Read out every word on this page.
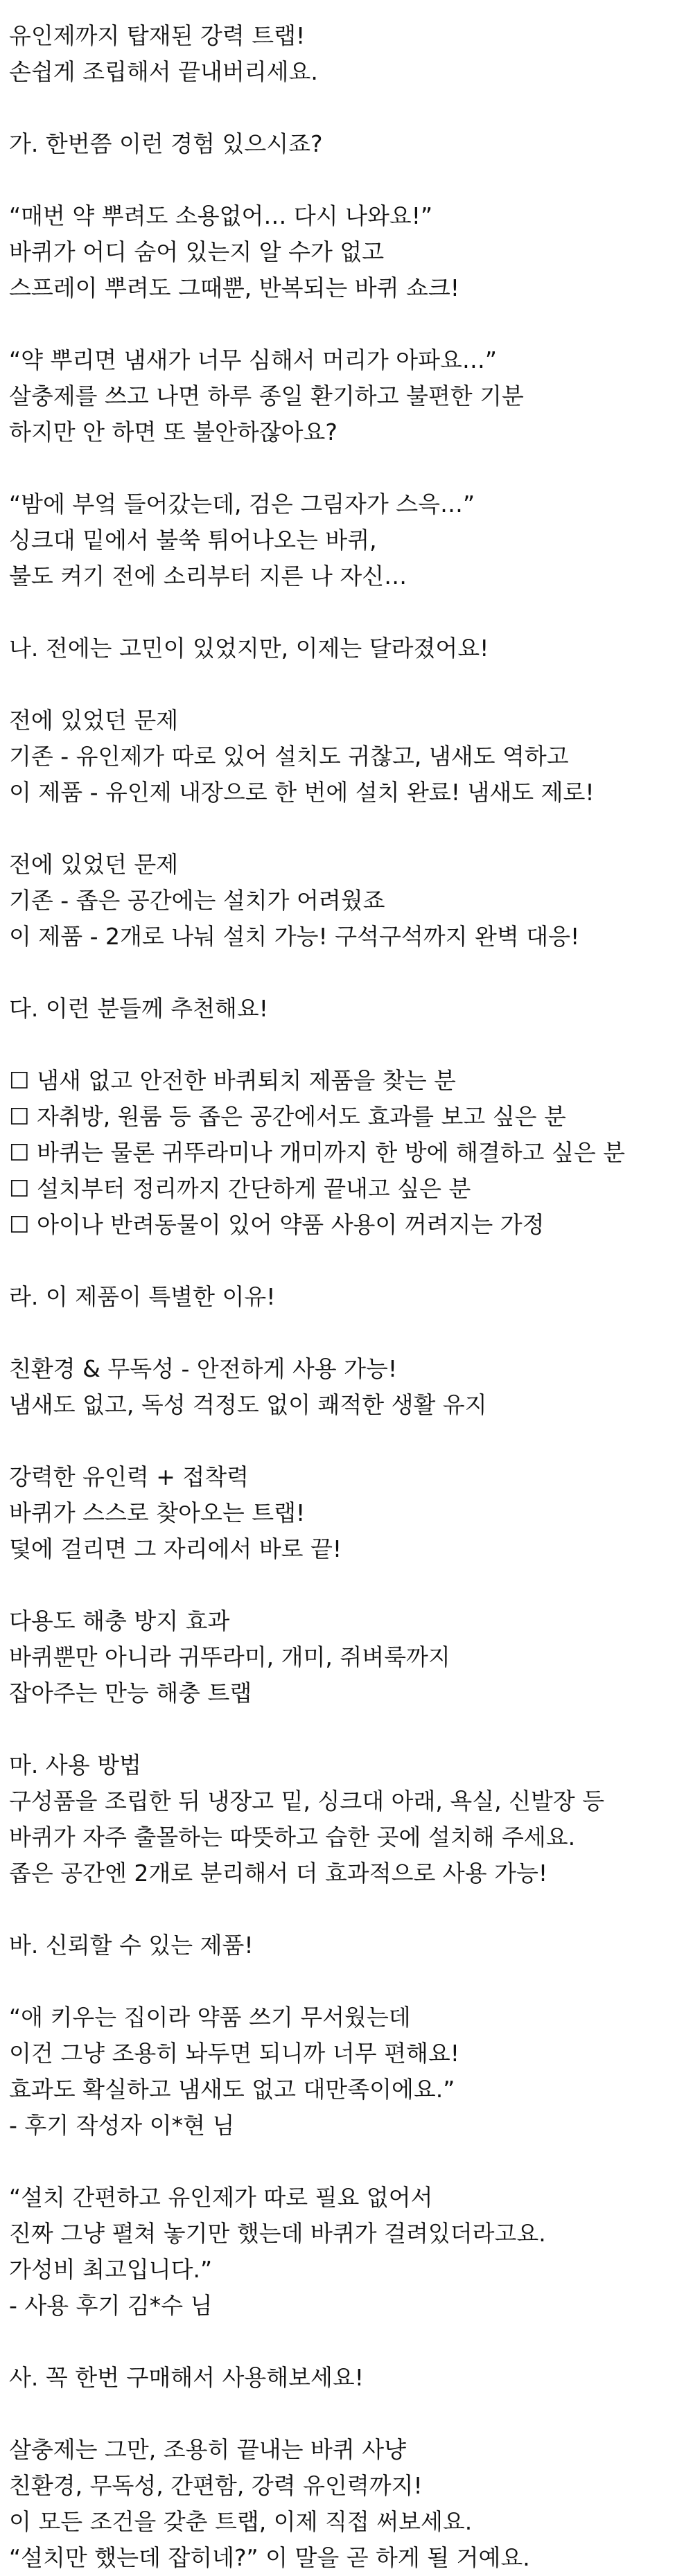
유인제까지 탑재된 강력 트랩!
손쉽게 조립해서 끝내버리세요.
가. 한번쯤 이런 경험 있으시죠?
“매번 약 뿌려도 소용없어… 다시 나와요!”
바퀴가 어디 숨어 있는지 알 수가 없고
스프레이 뿌려도 그때뿐, 반복되는 바퀴 쇼크!
“약 뿌리면 냄새가 너무 심해서 머리가 아파요…”
살충제를 쓰고 나면 하루 종일 환기하고 불편한 기분
하지만 안 하면 또 불안하잖아요?
“밤에 부엌 들어갔는데, 검은 그림자가 스윽…”
싱크대 밑에서 불쑥 튀어나오는 바퀴,
불도 켜기 전에 소리부터 지른 나 자신…
나. 전에는 고민이 있었지만, 이제는 달라졌어요!
전에 있었던 문제
기존 - 유인제가 따로 있어 설치도 귀찮고, 냄새도 역하고
이 제품 - 유인제 내장으로 한 번에 설치 완료! 냄새도 제로!
전에 있었던 문제
기존 - 좁은 공간에는 설치가 어려웠죠
이 제품 - 2개로 나눠 설치 가능! 구석구석까지 완벽 대응!
다. 이런 분들께 추천해요!
☐ 냄새 없고 안전한 바퀴퇴치 제품을 찾는 분
☐ 자취방, 원룸 등 좁은 공간에서도 효과를 보고 싶은 분
☐ 바퀴는 물론 귀뚜라미나 개미까지 한 방에 해결하고 싶은 분
☐ 설치부터 정리까지 간단하게 끝내고 싶은 분
☐ 아이나 반려동물이 있어 약품 사용이 꺼려지는 가정
라. 이 제품이 특별한 이유!
친환경 & 무독성 - 안전하게 사용 가능!
냄새도 없고, 독성 걱정도 없이 쾌적한 생활 유지
강력한 유인력 + 접착력
바퀴가 스스로 찾아오는 트랩!
덫에 걸리면 그 자리에서 바로 끝!
다용도 해충 방지 효과
바퀴뿐만 아니라 귀뚜라미, 개미, 쥐벼룩까지
잡아주는 만능 해충 트랩
마. 사용 방법
구성품을 조립한 뒤 냉장고 밑, 싱크대 아래, 욕실, 신발장 등
바퀴가 자주 출몰하는 따뜻하고 습한 곳에 설치해 주세요.
좁은 공간엔 2개로 분리해서 더 효과적으로 사용 가능!
바. 신뢰할 수 있는 제품!
“애 키우는 집이라 약품 쓰기 무서웠는데
이건 그냥 조용히 놔두면 되니까 너무 편해요!
효과도 확실하고 냄새도 없고 대만족이에요.”
- 후기 작성자 이*현 님
“설치 간편하고 유인제가 따로 필요 없어서
진짜 그냥 펼쳐 놓기만 했는데 바퀴가 걸려있더라고요.
가성비 최고입니다.”
- 사용 후기 김*수 님
사. 꼭 한번 구매해서 사용해보세요!
살충제는 그만, 조용히 끝내는 바퀴 사냥
친환경, 무독성, 간편함, 강력 유인력까지!
이 모든 조건을 갖춘 트랩, 이제 직접 써보세요.
“설치만 했는데 잡히네?” 이 말을 곧 하게 될 거예요.
